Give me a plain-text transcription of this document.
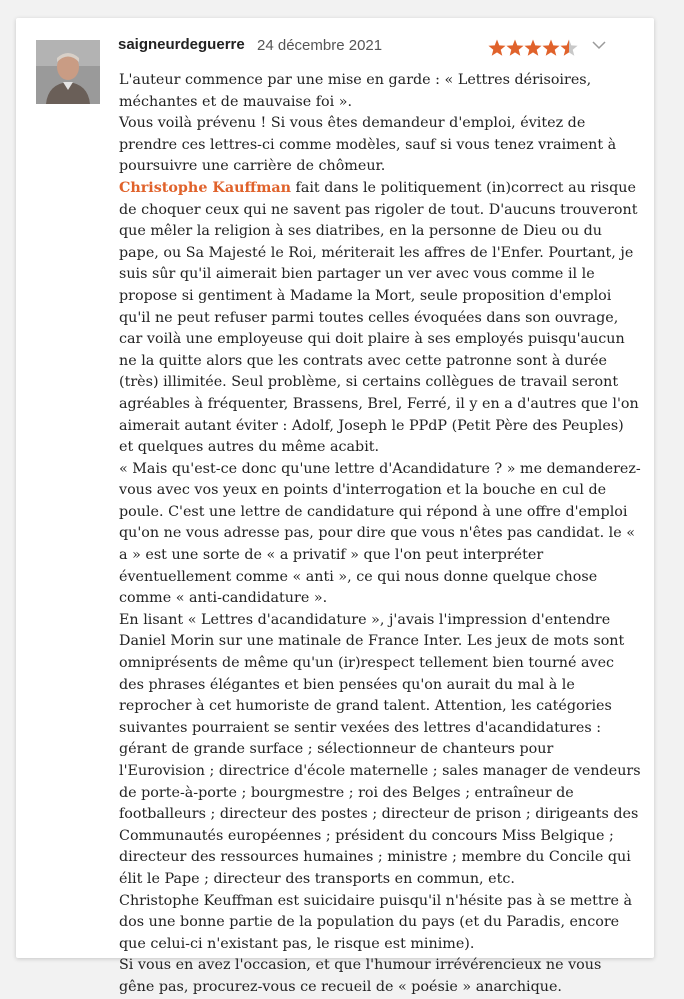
saigneurdeguerre 24 décembre 2021

L'auteur commence par une mise en garde : « Lettres dérisoires, méchantes et de mauvaise foi ».

Vous voilà prévenu ! Si vous êtes demandeur d'emploi, évitez de prendre ces lettres-ci comme modèles, sauf si vous tenez vraiment à poursuivre une carrière de chômeur.

Christophe Kauffman fait dans le politiquement (in)correct au risque de choquer ceux qui ne savent pas rigoler de tout. D'aucuns trouveront que mêler la religion à ses diatribes, en la personne de Dieu ou du pape, ou Sa Majesté le Roi, mériterait les affres de l'Enfer. Pourtant, je suis sûr qu'il aimerait bien partager un ver avec vous comme il le propose si gentiment à Madame la Mort, seule proposition d'emploi qu'il ne peut refuser parmi toutes celles évoquées dans son ouvrage, car voilà une employeuse qui doit plaire à ses employés puisqu'aucun ne la quitte alors que les contrats avec cette patronne sont à durée (très) illimitée. Seul problème, si certains collègues de travail seront agréables à fréquenter, Brassens, Brel, Ferré, il y en a d'autres que l'on aimerait autant éviter : Adolf, Joseph le PPdP (Petit Père des Peuples) et quelques autres du même acabit.

« Mais qu'est-ce donc qu'une lettre d'Acandidature ? » me demanderez-vous avec vos yeux en points d'interrogation et la bouche en cul de poule. C'est une lettre de candidature qui répond à une offre d'emploi qu'on ne vous adresse pas, pour dire que vous n'êtes pas candidat. le « a » est une sorte de « a privatif » que l'on peut interpréter éventuellement comme « anti », ce qui nous donne quelque chose comme « anti-candidature ».

En lisant « Lettres d'acandidature », j'avais l'impression d'entendre Daniel Morin sur une matinale de France Inter. Les jeux de mots sont omniprésents de même qu'un (ir)respect tellement bien tourné avec des phrases élégantes et bien pensées qu'on aurait du mal à le reprocher à cet humoriste de grand talent. Attention, les catégories suivantes pourraient se sentir vexées des lettres d'acandidatures : gérant de grande surface ; sélectionneur de chanteurs pour l'Eurovision ; directrice d'école maternelle ; sales manager de vendeurs de porte-à-porte ; bourgmestre ; roi des Belges ; entraîneur de footballeurs ; directeur des postes ; directeur de prison ; dirigeants des Communautés européennes ; président du concours Miss Belgique ; directeur des ressources humaines ; ministre ; membre du Concile qui élit le Pape ; directeur des transports en commun, etc.

Christophe Keuffman est suicidaire puisqu'il n'hésite pas à se mettre à dos une bonne partie de la population du pays (et du Paradis, encore que celui-ci n'existant pas, le risque est minime).

Si vous en avez l'occasion, et que l'humour irrévérencieux ne vous gêne pas, procurez-vous ce recueil de « poésie » anarchique.
